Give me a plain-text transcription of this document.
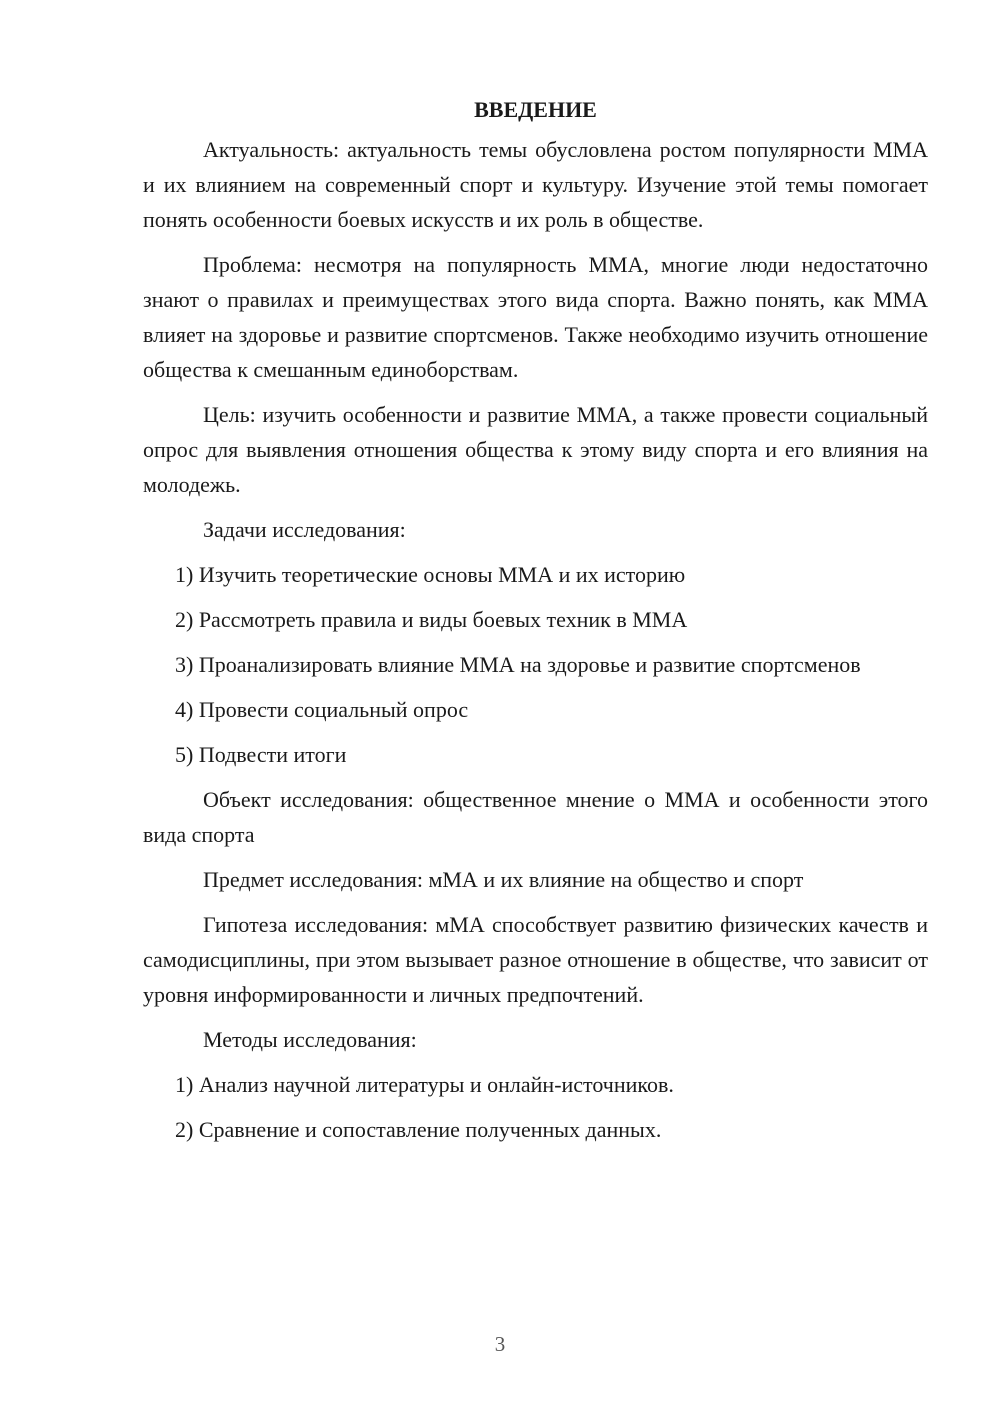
ВВЕДЕНИЕ

Актуальность: актуальность темы обусловлена ростом популярности ММА и их влиянием на современный спорт и культуру. Изучение этой темы помогает понять особенности боевых искусств и их роль в обществе.

Проблема: несмотря на популярность ММА, многие люди недостаточно знают о правилах и преимуществах этого вида спорта. Важно понять, как ММА влияет на здоровье и развитие спортсменов. Также необходимо изучить отношение общества к смешанным единоборствам.

Цель: изучить особенности и развитие ММА, а также провести социальный опрос для выявления отношения общества к этому виду спорта и его влияния на молодежь.

Задачи исследования:

1) Изучить теоретические основы ММА и их историю

2) Рассмотреть правила и виды боевых техник в ММА

3) Проанализировать влияние ММА на здоровье и развитие спортсменов

4) Провести социальный опрос

5) Подвести итоги

Объект исследования: общественное мнение о ММА и особенности этого вида спорта

Предмет исследования: мМА и их влияние на общество и спорт

Гипотеза исследования: мМА способствует развитию физических качеств и самодисциплины, при этом вызывает разное отношение в обществе, что зависит от уровня информированности и личных предпочтений.

Методы исследования:

1) Анализ научной литературы и онлайн-источников.

2) Сравнение и сопоставление полученных данных.

3
